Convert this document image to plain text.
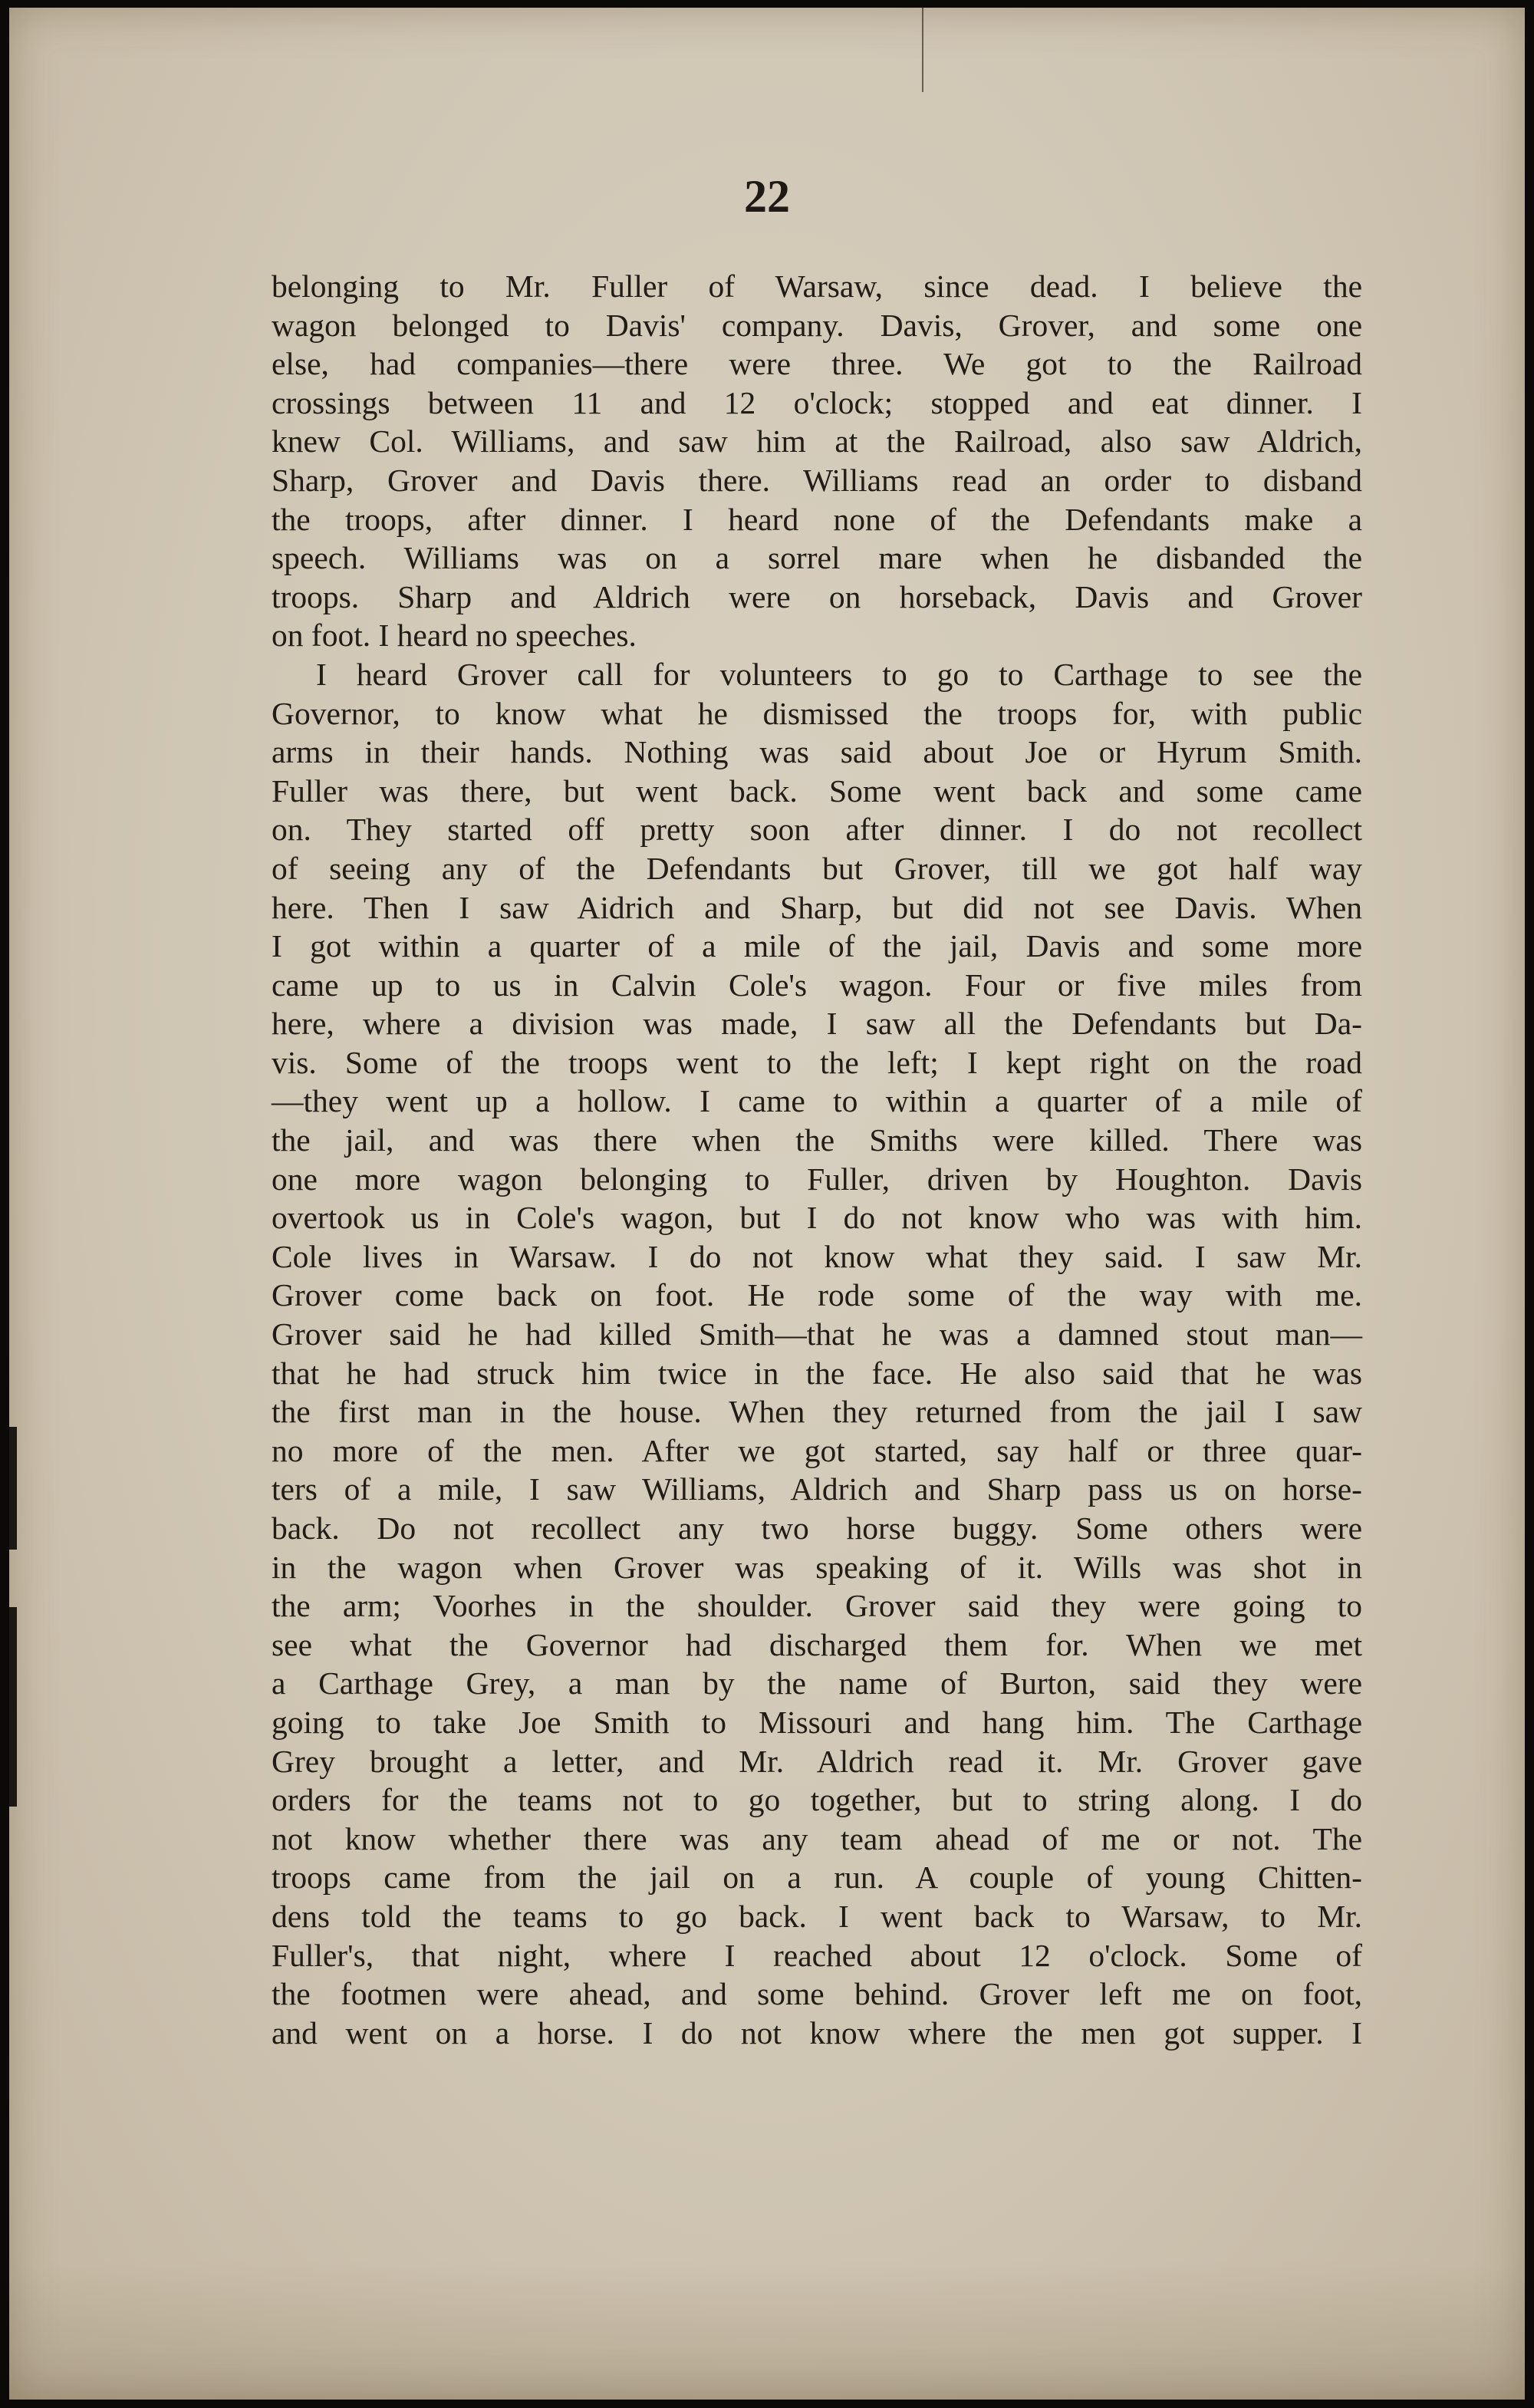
22
belonging to Mr. Fuller of Warsaw, since dead. I believe the
wagon belonged to Davis' company. Davis, Grover, and some one
else, had companies—there were three. We got to the Railroad
crossings between 11 and 12 o'clock; stopped and eat dinner. I
knew Col. Williams, and saw him at the Railroad, also saw Aldrich,
Sharp, Grover and Davis there. Williams read an order to disband
the troops, after dinner. I heard none of the Defendants make a
speech. Williams was on a sorrel mare when he disbanded the
troops. Sharp and Aldrich were on horseback, Davis and Grover
on foot. I heard no speeches.
I heard Grover call for volunteers to go to Carthage to see the
Governor, to know what he dismissed the troops for, with public
arms in their hands. Nothing was said about Joe or Hyrum Smith.
Fuller was there, but went back. Some went back and some came
on. They started off pretty soon after dinner. I do not recollect
of seeing any of the Defendants but Grover, till we got half way
here. Then I saw Aidrich and Sharp, but did not see Davis. When
I got within a quarter of a mile of the jail, Davis and some more
came up to us in Calvin Cole's wagon. Four or five miles from
here, where a division was made, I saw all the Defendants but Da-
vis. Some of the troops went to the left; I kept right on the road
—they went up a hollow. I came to within a quarter of a mile of
the jail, and was there when the Smiths were killed. There was
one more wagon belonging to Fuller, driven by Houghton. Davis
overtook us in Cole's wagon, but I do not know who was with him.
Cole lives in Warsaw. I do not know what they said. I saw Mr.
Grover come back on foot. He rode some of the way with me.
Grover said he had killed Smith—that he was a damned stout man—
that he had struck him twice in the face. He also said that he was
the first man in the house. When they returned from the jail I saw
no more of the men. After we got started, say half or three quar-
ters of a mile, I saw Williams, Aldrich and Sharp pass us on horse-
back. Do not recollect any two horse buggy. Some others were
in the wagon when Grover was speaking of it. Wills was shot in
the arm; Voorhes in the shoulder. Grover said they were going to
see what the Governor had discharged them for. When we met
a Carthage Grey, a man by the name of Burton, said they were
going to take Joe Smith to Missouri and hang him. The Carthage
Grey brought a letter, and Mr. Aldrich read it. Mr. Grover gave
orders for the teams not to go together, but to string along. I do
not know whether there was any team ahead of me or not. The
troops came from the jail on a run. A couple of young Chitten-
dens told the teams to go back. I went back to Warsaw, to Mr.
Fuller's, that night, where I reached about 12 o'clock. Some of
the footmen were ahead, and some behind. Grover left me on foot,
and went on a horse. I do not know where the men got supper. I
